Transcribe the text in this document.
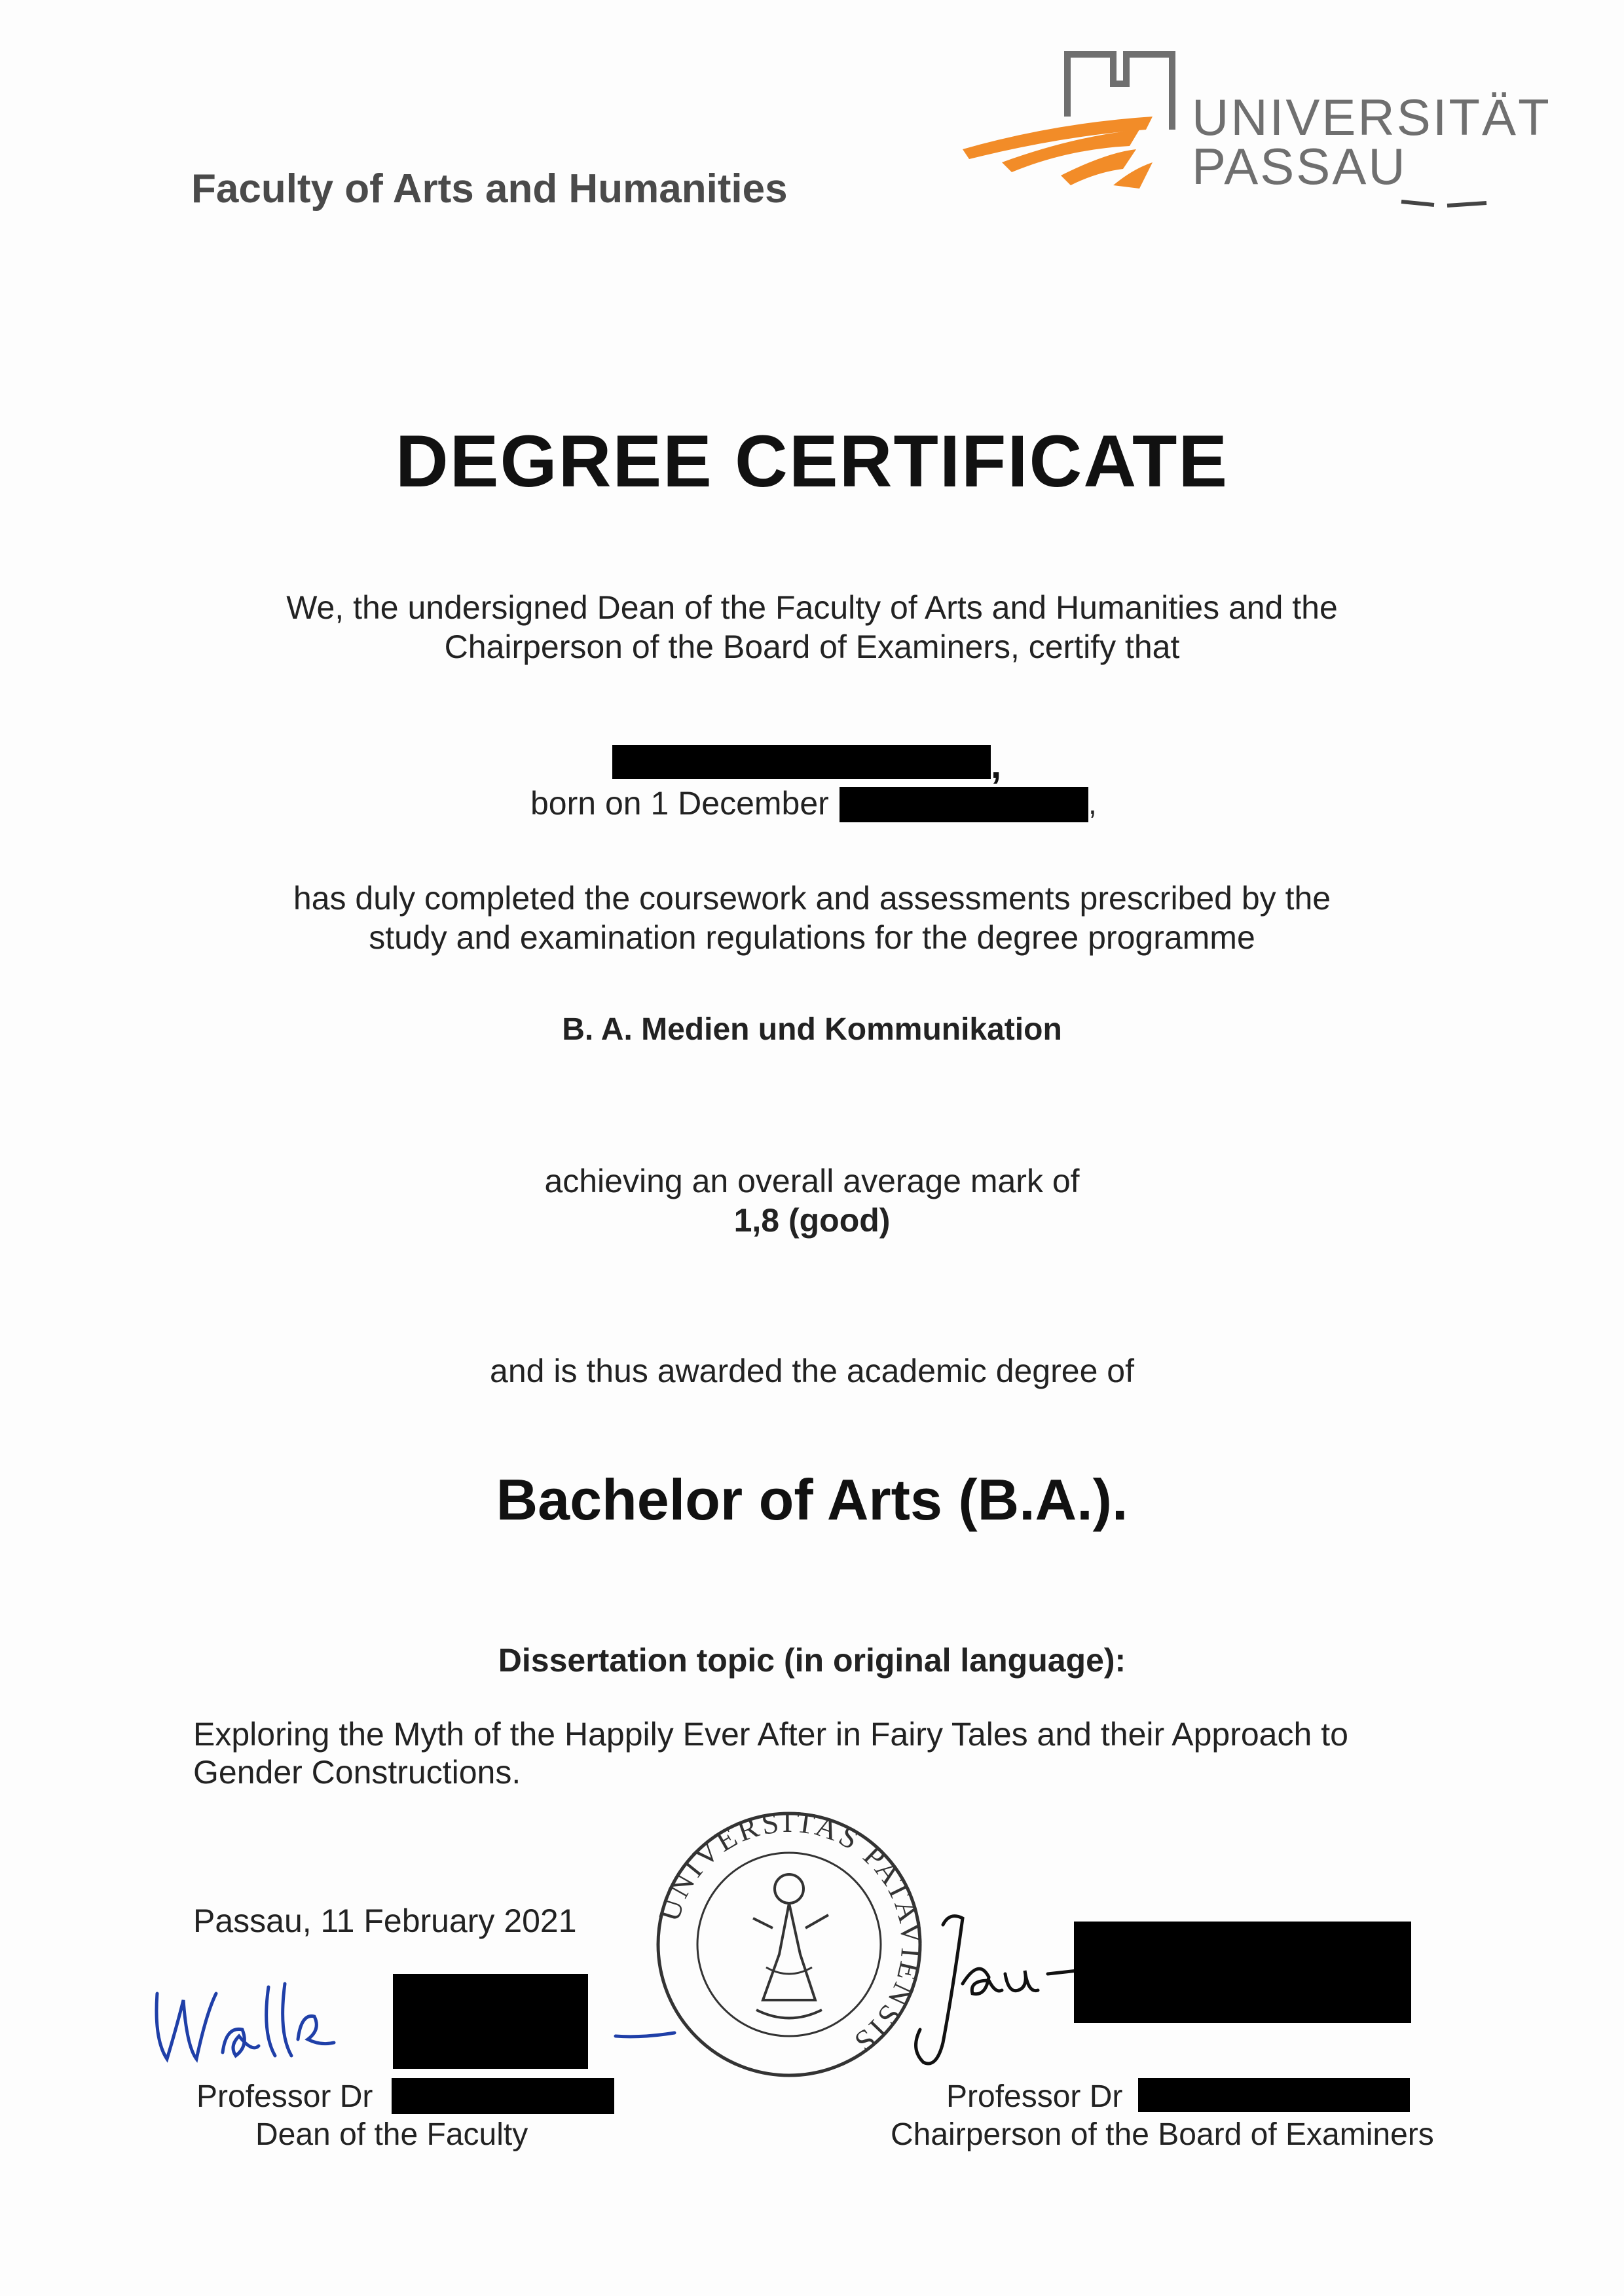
Faculty of Arts and Humanities
UNIVERSITÄT
PASSAU
DEGREE CERTIFICATE
We, the undersigned Dean of the Faculty of Arts and Humanities and the
Chairperson of the Board of Examiners, certify that
,
born on 1 December	,
has duly completed the coursework and assessments prescribed by the
study and examination regulations for the degree programme
B. A. Medien und Kommunikation
achieving an overall average mark of
1,8 (good)
and is thus awarded the academic degree of
Bachelor of Arts (B.A.).
Dissertation topic (in original language):
Exploring the Myth of the Happily Ever After in Fairy Tales and their Approach to
Gender Constructions.
Passau, 11 February 2021	UNIVERSITAS PATAVIENSIS
Professor Dr
Dean of the Faculty
Professor Dr
Chairperson of the Board of Examiners
